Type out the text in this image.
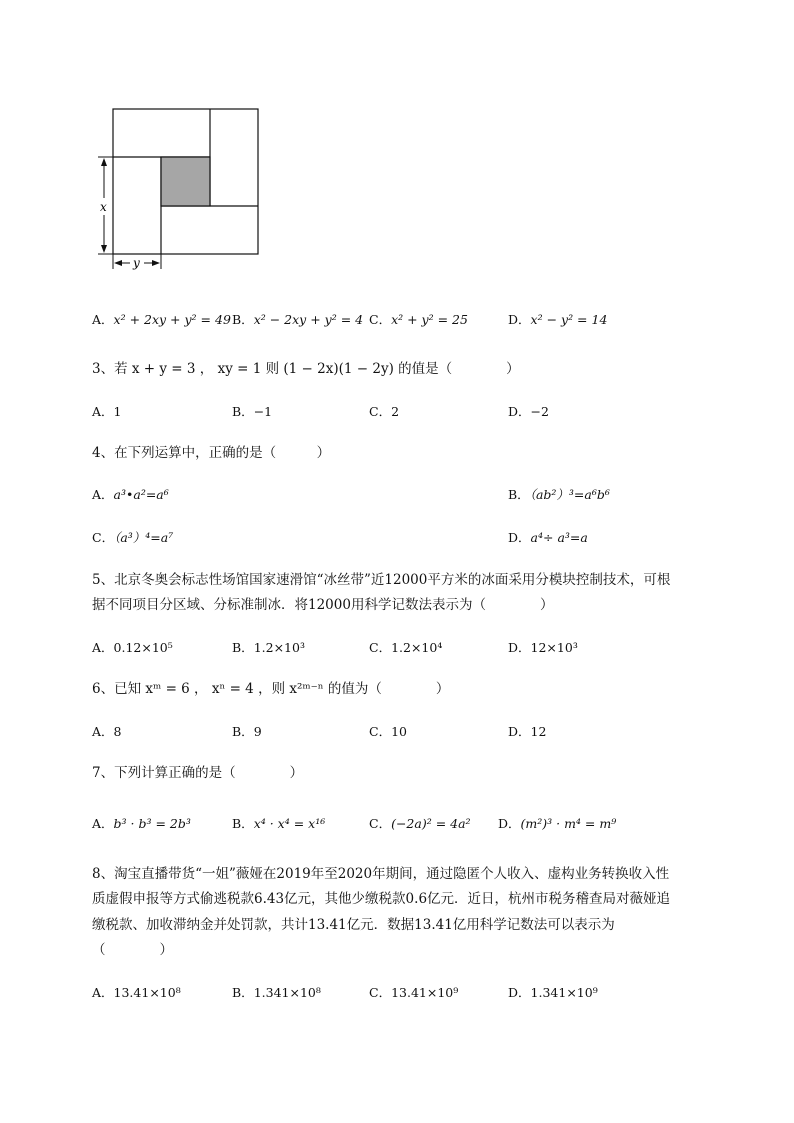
x
y
A．x² + 2xy + y² = 49 B．x² − 2xy + y² = 4 C．x² + y² = 25	D．x² − y² = 14
3、若 x + y = 3 ， xy = 1 则 (1 − 2x)(1 − 2y) 的值是（　　　　）
A．1	B．−1	C．2	D．−2
4、在下列运算中，正确的是（　　　）
A．a³•a²=a⁶	B．（ab²）³=a⁶b⁶
C．（a³）⁴=a⁷	D．a⁴÷ a³=a
5、北京冬奥会标志性场馆国家速滑馆“冰丝带”近12000平方米的冰面采用分模块控制技术，可根
据不同项目分区域、分标准制冰．将12000用科学记数法表示为（　　　　）
A．0.12×10⁵	B．1.2×10³	C．1.2×10⁴	D．12×10³
6、已知 xᵐ = 6 ， xⁿ = 4 ，则 x²ᵐ⁻ⁿ 的值为（　　　　）
A．8	B．9	C．10	D．12
7、下列计算正确的是（　　　　）
A．b³ · b³ = 2b³	B．x⁴ · x⁴ = x¹⁶	C．(−2a)² = 4a² D．(m²)³ · m⁴ = m⁹
8、淘宝直播带货“一姐”薇娅在2019年至2020年期间，通过隐匿个人收入、虚构业务转换收入性
质虚假申报等方式偷逃税款6.43亿元，其他少缴税款0.6亿元．近日，杭州市税务稽查局对薇娅追
缴税款、加收滞纳金并处罚款，共计13.41亿元．数据13.41亿用科学记数法可以表示为
（　　　　）
A．13.41×10⁸	B．1.341×10⁸	C．13.41×10⁹	D．1.341×10⁹
